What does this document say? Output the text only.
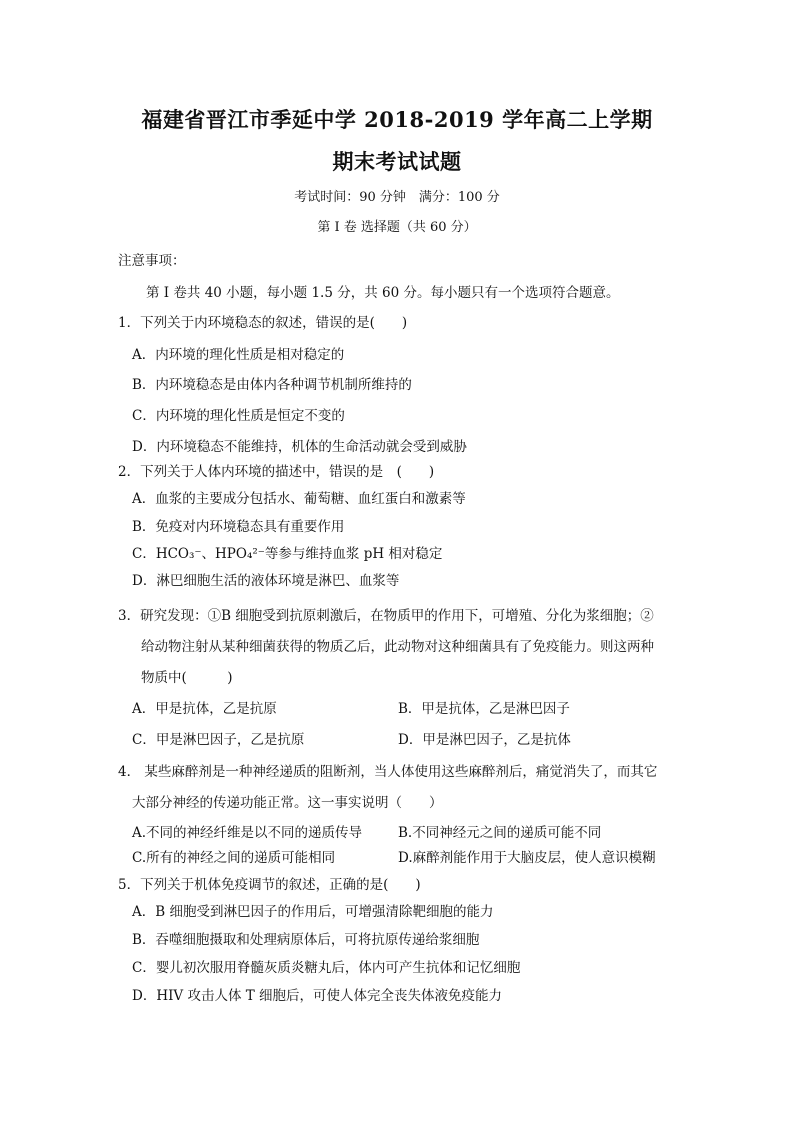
福建省晋江市季延中学 2018-2019 学年高二上学期
期末考试试题
考试时间：90 分钟　满分：100 分
第 I 卷 选择题（共 60 分）
注意事项：
第 I 卷共 40 小题，每小题 1.5 分，共 60 分。每小题只有一个选项符合题意。
1．下列关于内环境稳态的叙述，错误的是(　　)
A．内环境的理化性质是相对稳定的
B．内环境稳态是由体内各种调节机制所维持的
C．内环境的理化性质是恒定不变的
D．内环境稳态不能维持，机体的生命活动就会受到威胁
2．下列关于人体内环境的描述中，错误的是　(　　)
A．血浆的主要成分包括水、葡萄糖、血红蛋白和激素等
B．免疫对内环境稳态具有重要作用
C．HCO₃⁻、HPO₄²⁻等参与维持血浆 pH 相对稳定
D．淋巴细胞生活的液体环境是淋巴、血浆等
3．研究发现：①B 细胞受到抗原刺激后，在物质甲的作用下，可增殖、分化为浆细胞；②
给动物注射从某种细菌获得的物质乙后，此动物对这种细菌具有了免疫能力。则这两种
物质中(　　　)
A．甲是抗体，乙是抗原	B．甲是抗体，乙是淋巴因子
C．甲是淋巴因子，乙是抗原	D．甲是淋巴因子，乙是抗体
4． 某些麻醉剂是一种神经递质的阻断剂，当人体使用这些麻醉剂后，痛觉消失了，而其它
大部分神经的传递功能正常。这一事实说明（　　）
A.不同的神经纤维是以不同的递质传导	B.不同神经元之间的递质可能不同
C.所有的神经之间的递质可能相同	D.麻醉剂能作用于大脑皮层，使人意识模糊
5．下列关于机体免疫调节的叙述，正确的是(　　)
A．B 细胞受到淋巴因子的作用后，可增强清除靶细胞的能力
B．吞噬细胞摄取和处理病原体后，可将抗原传递给浆细胞
C．婴儿初次服用脊髓灰质炎糖丸后，体内可产生抗体和记忆细胞
D．HIV 攻击人体 T 细胞后，可使人体完全丧失体液免疫能力
